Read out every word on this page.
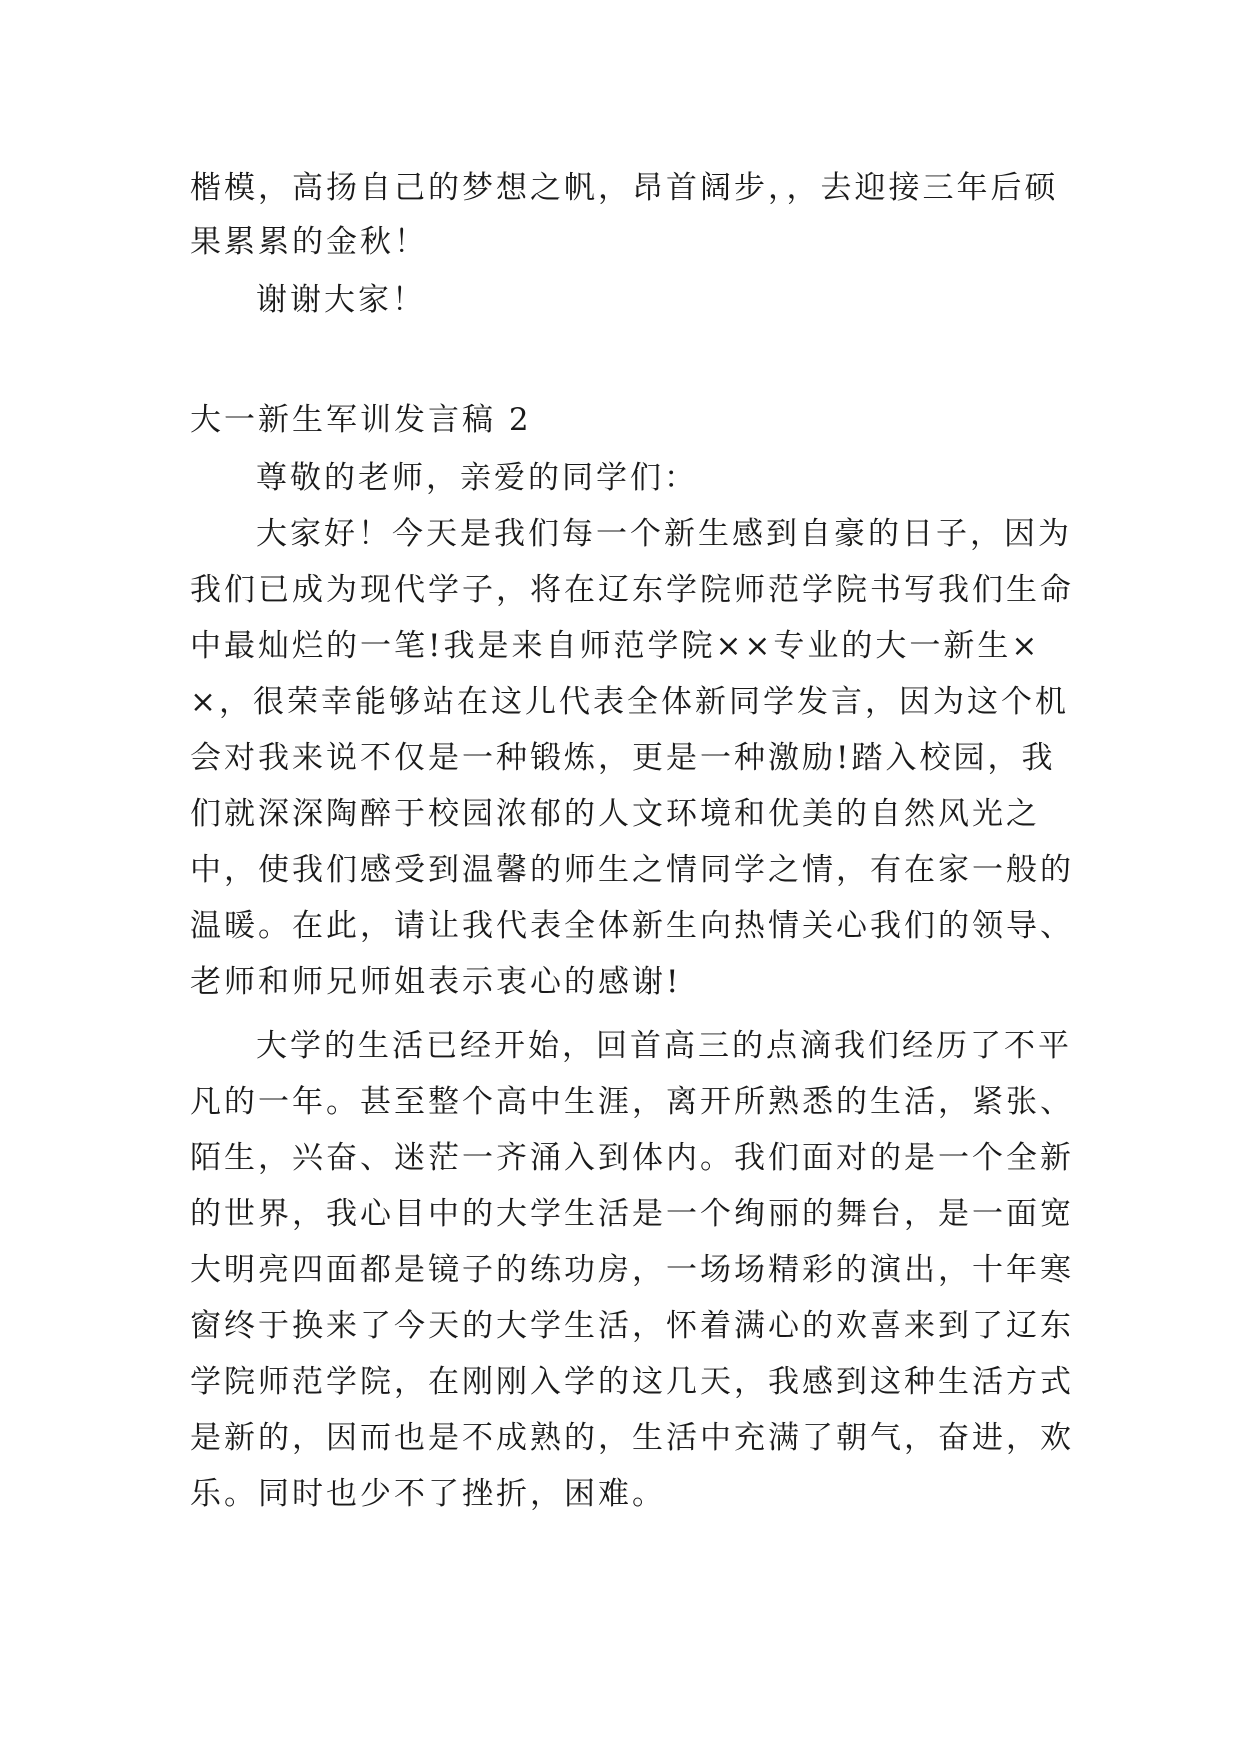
楷模，高扬自己的梦想之帆，昂首阔步，，去迎接三年后硕
果累累的金秋！
谢谢大家！
大一新生军训发言稿 2
尊敬的老师，亲爱的同学们：
大家好！今天是我们每一个新生感到自豪的日子，因为
我们已成为现代学子，将在辽东学院师范学院书写我们生命
中最灿烂的一笔!我是来自师范学院××专业的大一新生×
×，很荣幸能够站在这儿代表全体新同学发言，因为这个机
会对我来说不仅是一种锻炼，更是一种激励!踏入校园，我
们就深深陶醉于校园浓郁的人文环境和优美的自然风光之
中，使我们感受到温馨的师生之情同学之情，有在家一般的
温暖。在此，请让我代表全体新生向热情关心我们的领导、
老师和师兄师姐表示衷心的感谢!
大学的生活已经开始，回首高三的点滴我们经历了不平
凡的一年。甚至整个高中生涯，离开所熟悉的生活，紧张、
陌生，兴奋、迷茫一齐涌入到体内。我们面对的是一个全新
的世界，我心目中的大学生活是一个绚丽的舞台，是一面宽
大明亮四面都是镜子的练功房，一场场精彩的演出，十年寒
窗终于换来了今天的大学生活，怀着满心的欢喜来到了辽东
学院师范学院，在刚刚入学的这几天，我感到这种生活方式
是新的，因而也是不成熟的，生活中充满了朝气，奋进，欢
乐。同时也少不了挫折，困难。
